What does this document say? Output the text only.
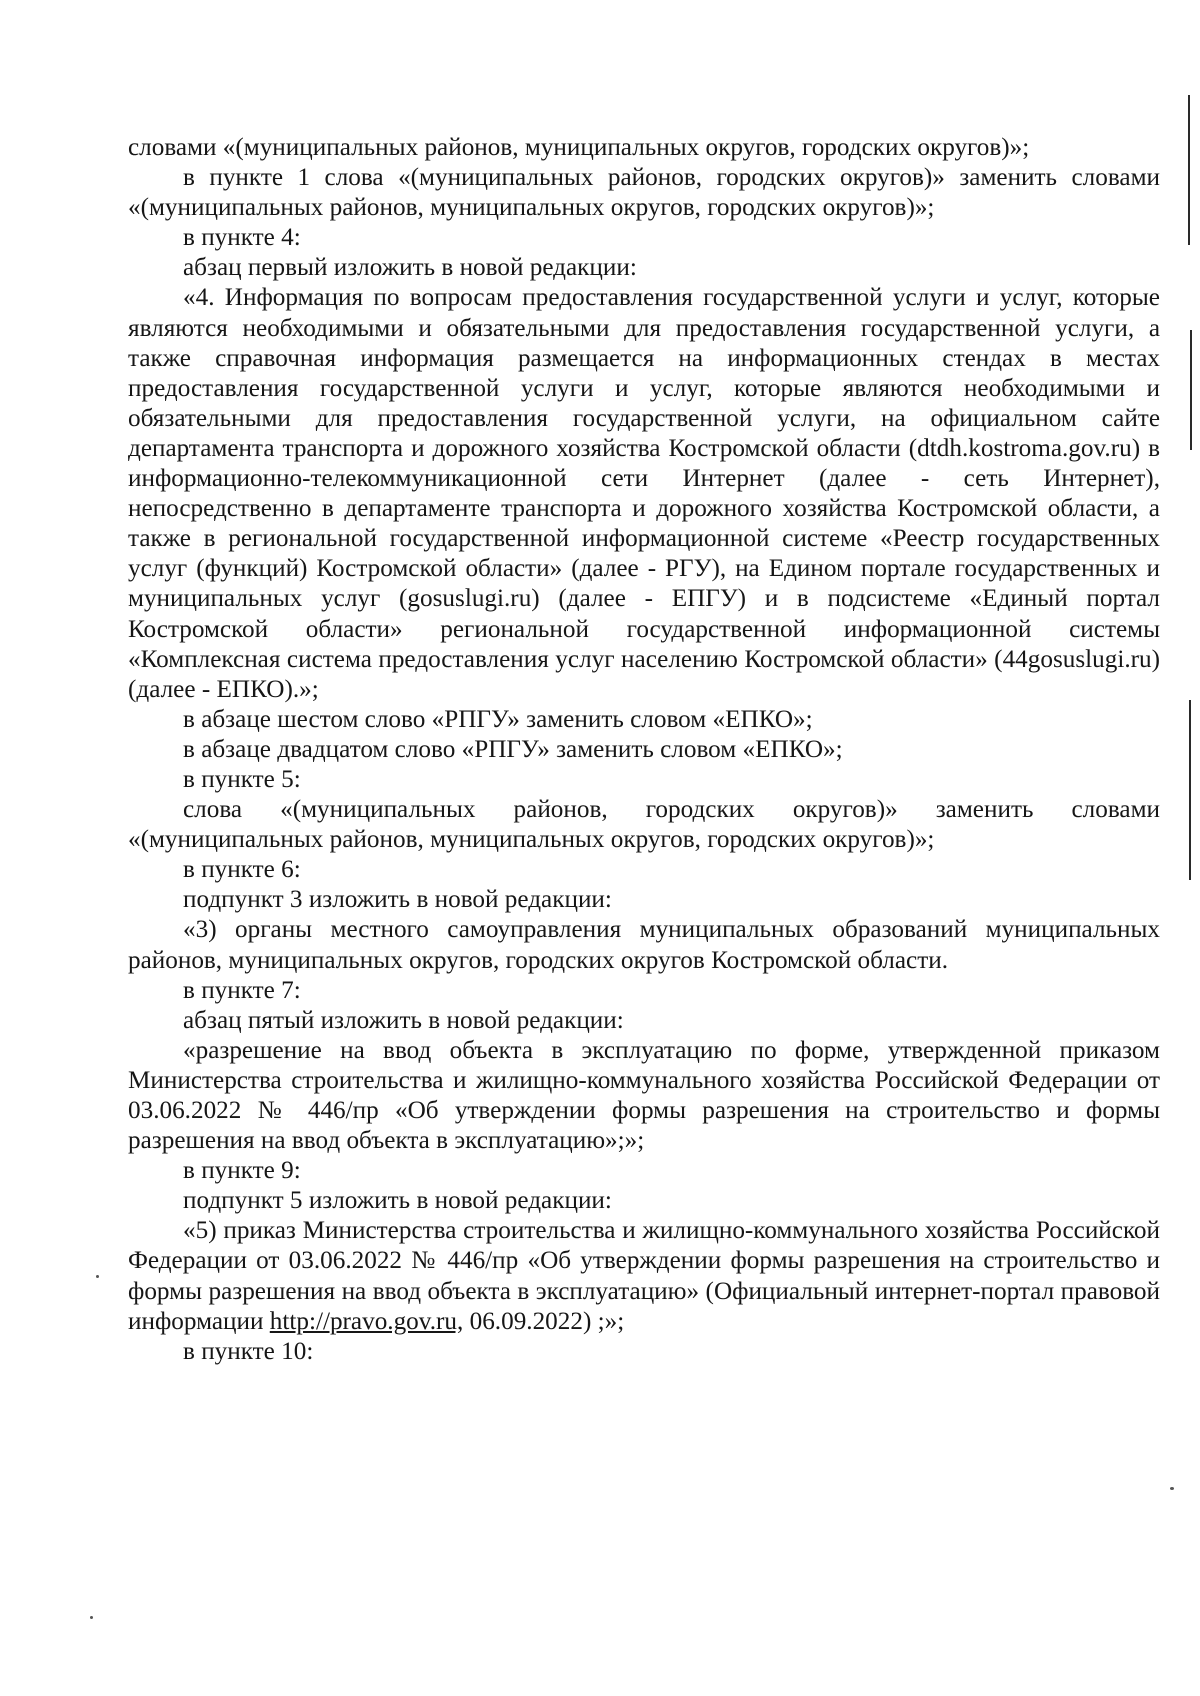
словами «(муниципальных районов, муниципальных округов, городских округов)»;

в пункте 1 слова «(муниципальных районов, городских округов)» заменить словами «(муниципальных районов, муниципальных округов, городских округов)»;

в пункте 4:

абзац первый изложить в новой редакции:

«4. Информация по вопросам предоставления государственной услуги и услуг, которые являются необходимыми и обязательными для предоставления государственной услуги, а также справочная информация размещается на информационных стендах в местах предоставления государственной услуги и услуг, которые являются необходимыми и обязательными для предоставления государственной услуги, на официальном сайте департамента транспорта и дорожного хозяйства Костромской области (dtdh.kostroma.gov.ru) в информационно-телекоммуникационной сети Интернет (далее - сеть Интернет), непосредственно в департаменте транспорта и дорожного хозяйства Костромской области, а также в региональной государственной информационной системе «Реестр государственных услуг (функций) Костромской области» (далее - РГУ), на Едином портале государственных и муниципальных услуг (gosuslugi.ru) (далее - ЕПГУ) и в подсистеме «Единый портал Костромской области» региональной государственной информационной системы «Комплексная система предоставления услуг населению Костромской области» (44gosuslugi.ru) (далее - ЕПКО).»;

в абзаце шестом слово «РПГУ» заменить словом «ЕПКО»;

в абзаце двадцатом слово «РПГУ» заменить словом «ЕПКО»;

в пункте 5:

слова «(муниципальных районов, городских округов)» заменить словами «(муниципальных районов, муниципальных округов, городских округов)»;

в пункте 6:

подпункт 3 изложить в новой редакции:

«3) органы местного самоуправления муниципальных образований муниципальных районов, муниципальных округов, городских округов Костромской области.

в пункте 7:

абзац пятый изложить в новой редакции:

«разрешение на ввод объекта в эксплуатацию по форме, утвержденной приказом Министерства строительства и жилищно-коммунального хозяйства Российской Федерации от 03.06.2022 № 446/пр «Об утверждении формы разрешения на строительство и формы разрешения на ввод объекта в эксплуатацию»;»;

в пункте 9:

подпункт 5 изложить в новой редакции:

«5) приказ Министерства строительства и жилищно-коммунального хозяйства Российской Федерации от 03.06.2022 № 446/пр «Об утверждении формы разрешения на строительство и формы разрешения на ввод объекта в эксплуатацию» (Официальный интернет-портал правовой информации http://pravo.gov.ru, 06.09.2022) ;»;

в пункте 10:
